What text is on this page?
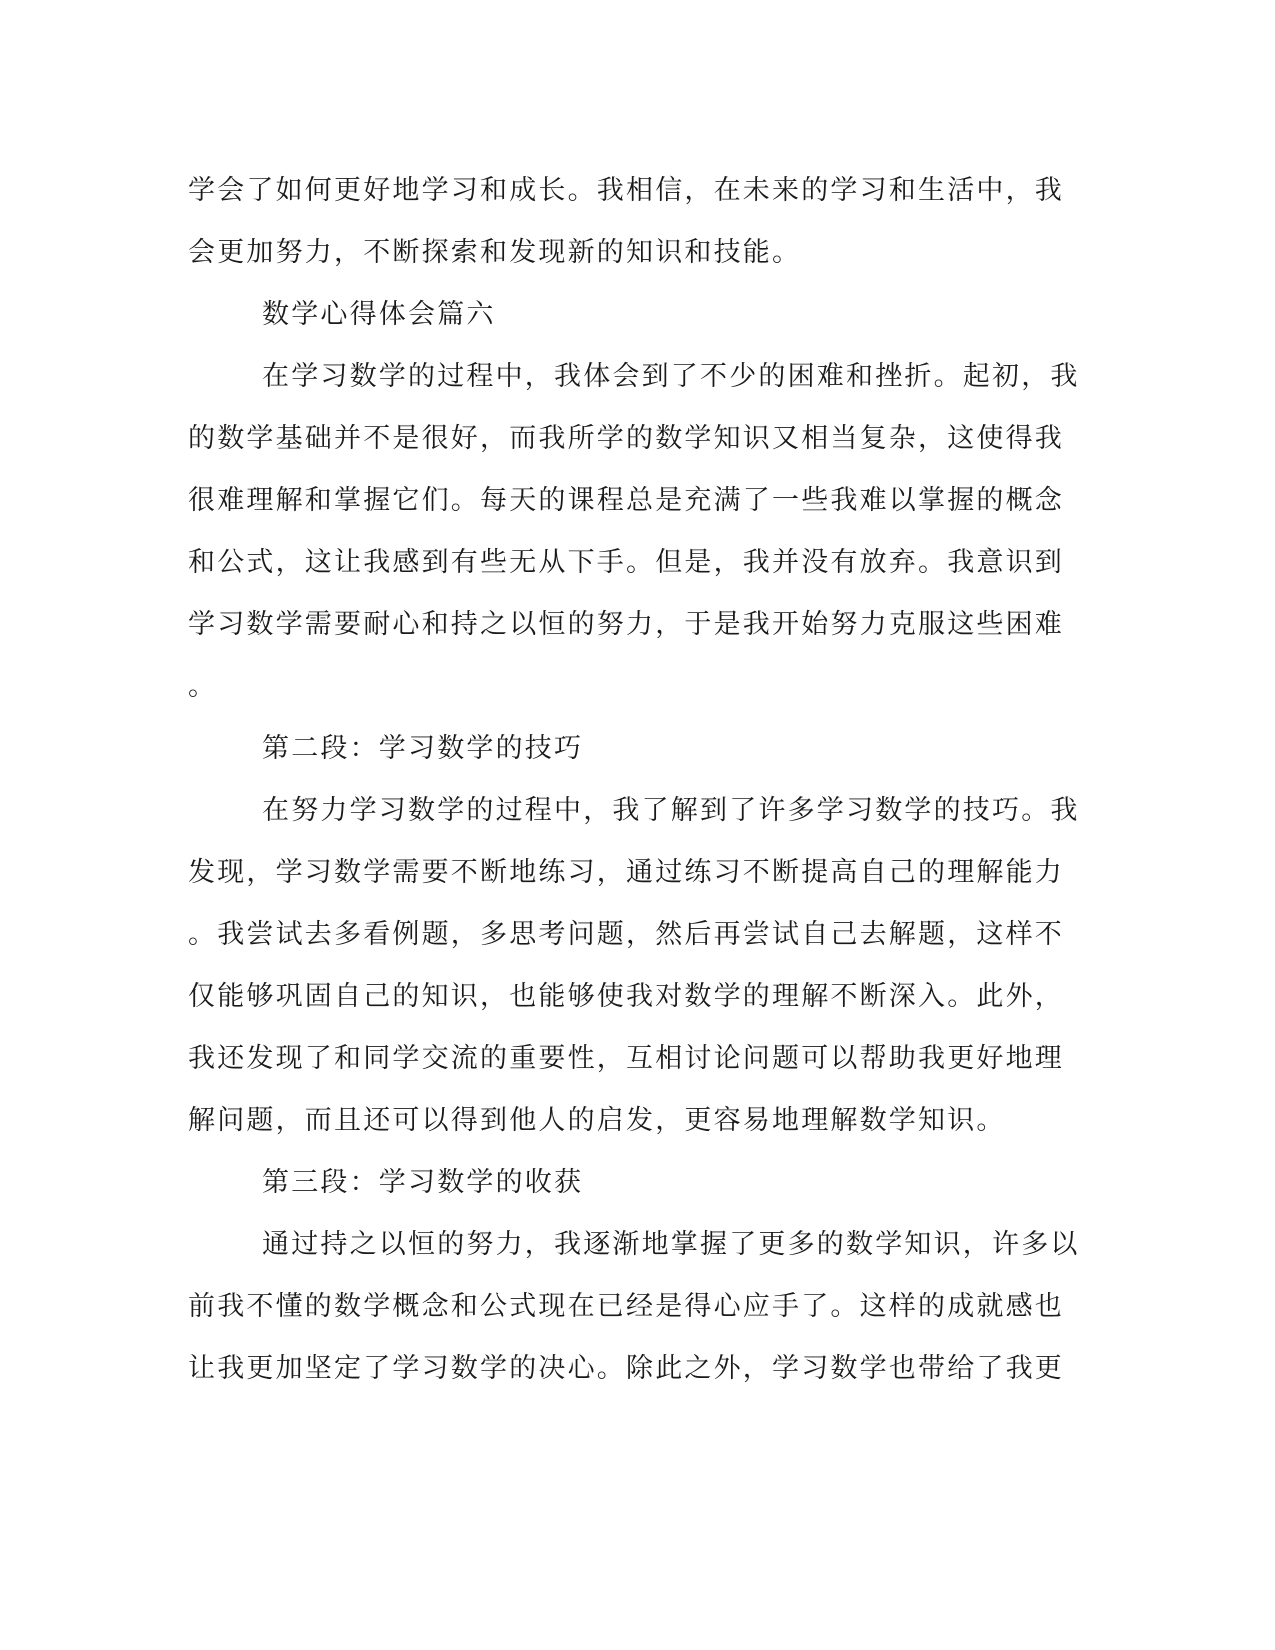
学会了如何更好地学习和成长。我相信，在未来的学习和生活中，我
会更加努力，不断探索和发现新的知识和技能。
数学心得体会篇六
在学习数学的过程中，我体会到了不少的困难和挫折。起初，我
的数学基础并不是很好，而我所学的数学知识又相当复杂，这使得我
很难理解和掌握它们。每天的课程总是充满了一些我难以掌握的概念
和公式，这让我感到有些无从下手。但是，我并没有放弃。我意识到
学习数学需要耐心和持之以恒的努力，于是我开始努力克服这些困难
。
第二段：学习数学的技巧
在努力学习数学的过程中，我了解到了许多学习数学的技巧。我
发现，学习数学需要不断地练习，通过练习不断提高自己的理解能力
。我尝试去多看例题，多思考问题，然后再尝试自己去解题，这样不
仅能够巩固自己的知识，也能够使我对数学的理解不断深入。此外，
我还发现了和同学交流的重要性，互相讨论问题可以帮助我更好地理
解问题，而且还可以得到他人的启发，更容易地理解数学知识。
第三段：学习数学的收获
通过持之以恒的努力，我逐渐地掌握了更多的数学知识，许多以
前我不懂的数学概念和公式现在已经是得心应手了。这样的成就感也
让我更加坚定了学习数学的决心。除此之外，学习数学也带给了我更
